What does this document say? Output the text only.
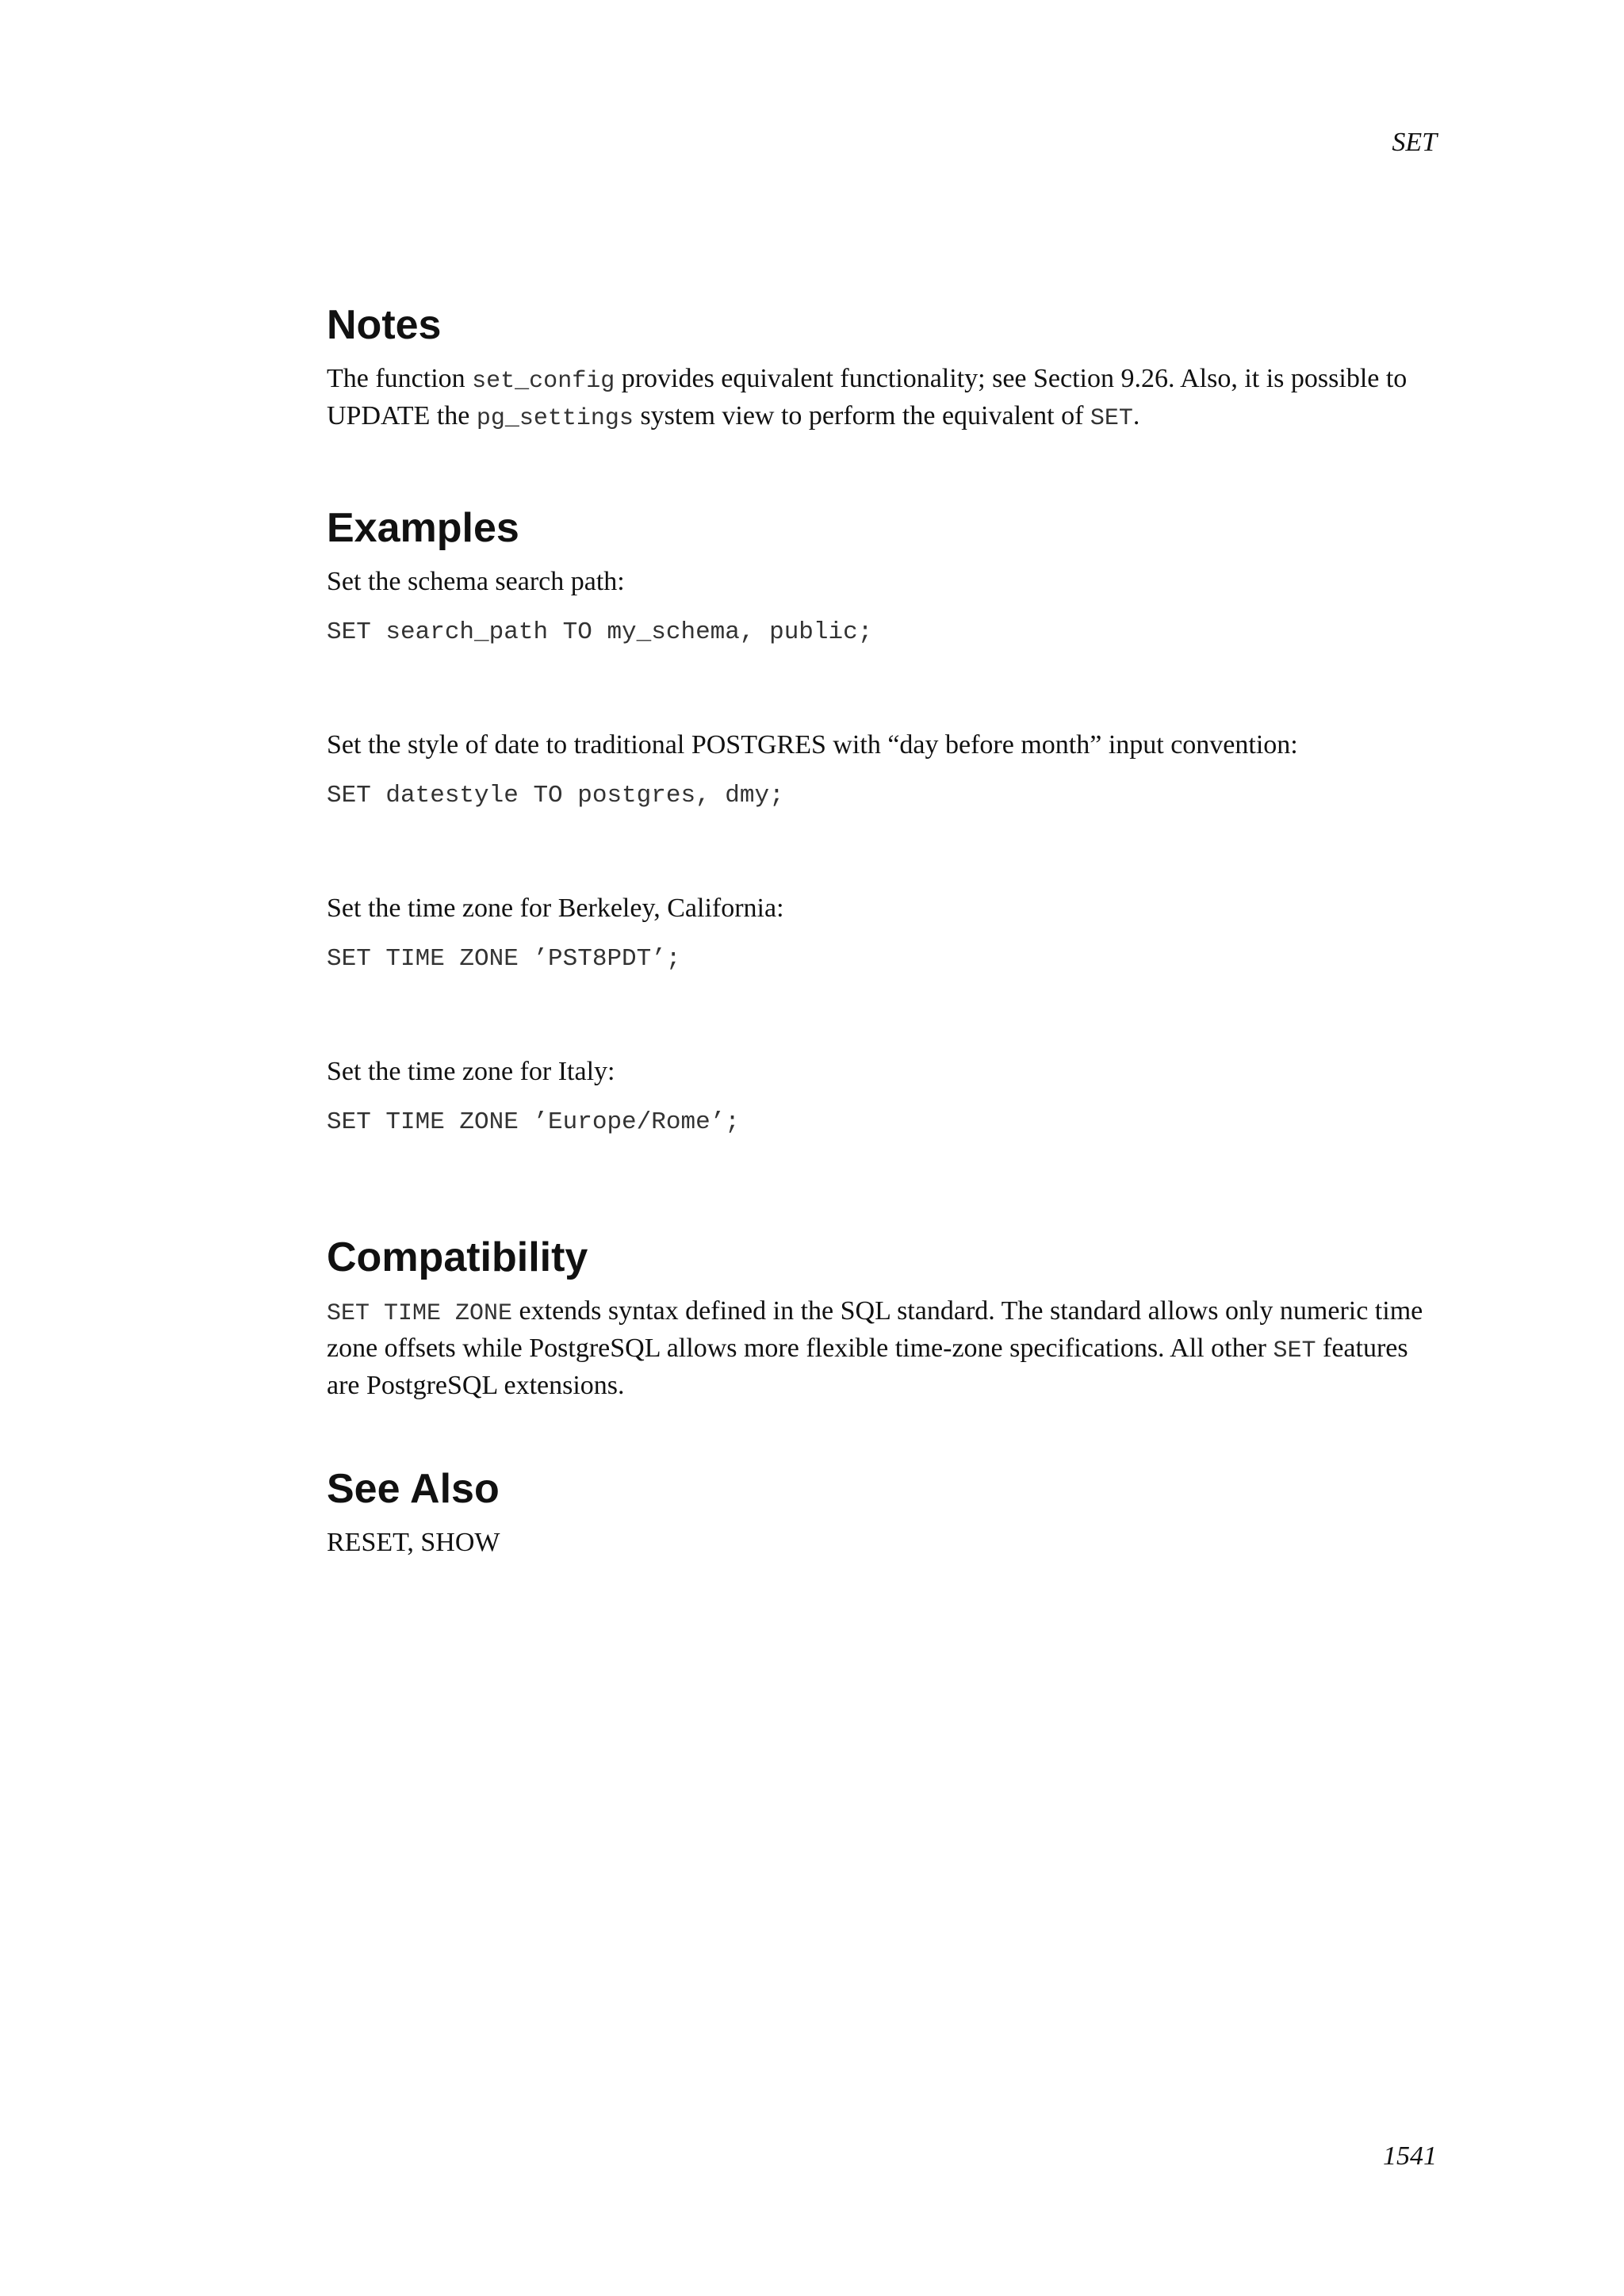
SET
Notes

The function set_config provides equivalent functionality; see Section 9.26. Also, it is possible to UPDATE the pg_settings system view to perform the equivalent of SET.

Examples

Set the schema search path:

SET search_path TO my_schema, public;

Set the style of date to traditional POSTGRES with “day before month” input convention:

SET datestyle TO postgres, dmy;

Set the time zone for Berkeley, California:

SET TIME ZONE ’PST8PDT’;

Set the time zone for Italy:

SET TIME ZONE ’Europe/Rome’;
Compatibility

SET TIME ZONE extends syntax defined in the SQL standard. The standard allows only numeric time zone offsets while PostgreSQL allows more flexible time-zone specifications. All other SET features are PostgreSQL extensions.

See Also

RESET, SHOW

1541
